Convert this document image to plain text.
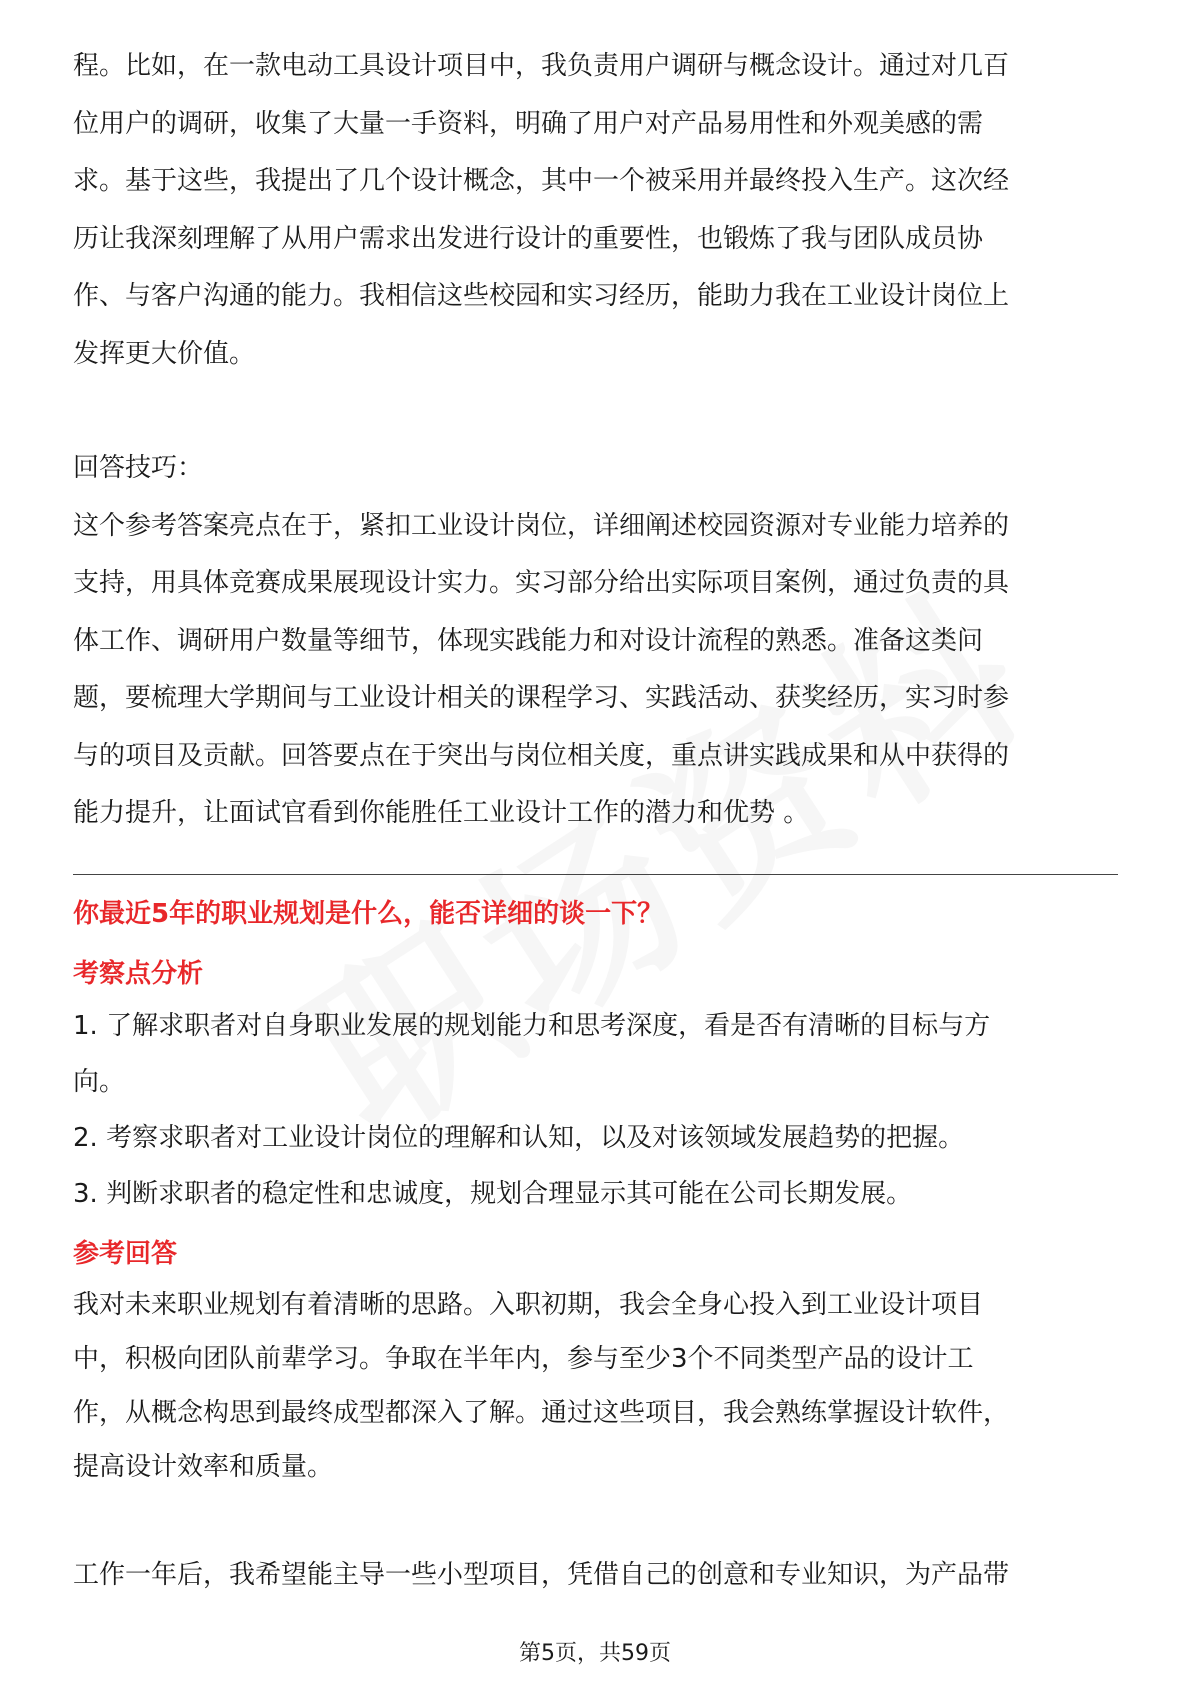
程。比如，在一款电动工具设计项目中，我负责用户调研与概念设计。通过对几百
位用户的调研，收集了大量一手资料，明确了用户对产品易用性和外观美感的需
求。基于这些，我提出了几个设计概念，其中一个被采用并最终投入生产。这次经
历让我深刻理解了从用户需求出发进行设计的重要性，也锻炼了我与团队成员协
作、与客户沟通的能力。我相信这些校园和实习经历，能助力我在工业设计岗位上
发挥更大价值。

回答技巧：
这个参考答案亮点在于，紧扣工业设计岗位，详细阐述校园资源对专业能力培养的
支持，用具体竞赛成果展现设计实力。实习部分给出实际项目案例，通过负责的具
体工作、调研用户数量等细节，体现实践能力和对设计流程的熟悉。准备这类问
题，要梳理大学期间与工业设计相关的课程学习、实践活动、获奖经历，实习时参
与的项目及贡献。回答要点在于突出与岗位相关度，重点讲实践成果和从中获得的
能力提升，让面试官看到你能胜任工业设计工作的潜力和优势 。

你最近5年的职业规划是什么，能否详细的谈一下？

考察点分析

1. 了解求职者对自身职业发展的规划能力和思考深度，看是否有清晰的目标与方

向。

2. 考察求职者对工业设计岗位的理解和认知，以及对该领域发展趋势的把握。

3. 判断求职者的稳定性和忠诚度，规划合理显示其可能在公司长期发展。

参考回答

我对未来职业规划有着清晰的思路。入职初期，我会全身心投入到工业设计项目
中，积极向团队前辈学习。争取在半年内，参与至少3个不同类型产品的设计工
作，从概念构思到最终成型都深入了解。通过这些项目，我会熟练掌握设计软件，
提高设计效率和质量。

工作一年后，我希望能主导一些小型项目，凭借自己的创意和专业知识，为产品带

第5页，共59页
